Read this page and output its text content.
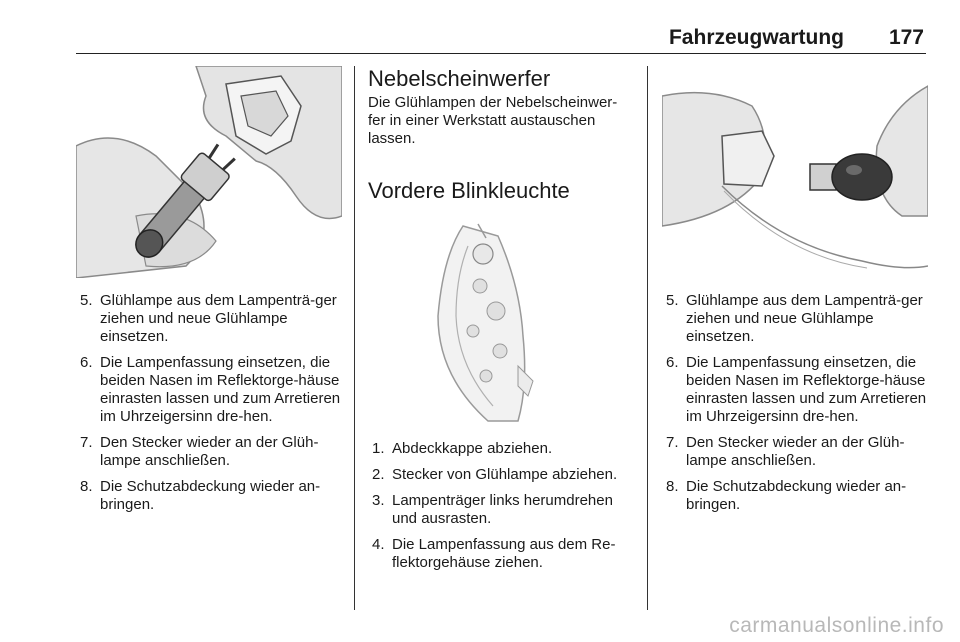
Fahrzeugwartung 177
5. Glühlampe aus dem Lampenträ-ger ziehen und neue Glühlampe einsetzen.
6. Die Lampenfassung einsetzen, die beiden Nasen im Reflektorge-häuse einrasten lassen und zum Arretieren im Uhrzeigersinn dre-hen.
7. Den Stecker wieder an der Glüh-lampe anschließen.
8. Die Schutzabdeckung wieder an-bringen.
Nebelscheinwerfer

Die Glühlampen der Nebelscheinwer-fer in einer Werkstatt austauschen lassen.

Vordere Blinkleuchte
1. Abdeckkappe abziehen.
2. Stecker von Glühlampe abziehen.
3. Lampenträger links herumdrehen und ausrasten.
4. Die Lampenfassung aus dem Re-flektorgehäuse ziehen.
5. Glühlampe aus dem Lampenträ-ger ziehen und neue Glühlampe einsetzen.
6. Die Lampenfassung einsetzen, die beiden Nasen im Reflektorge-häuse einrasten lassen und zum Arretieren im Uhrzeigersinn dre-hen.
7. Den Stecker wieder an der Glüh-lampe anschließen.
8. Die Schutzabdeckung wieder an-bringen.
carmanualsonline.info
